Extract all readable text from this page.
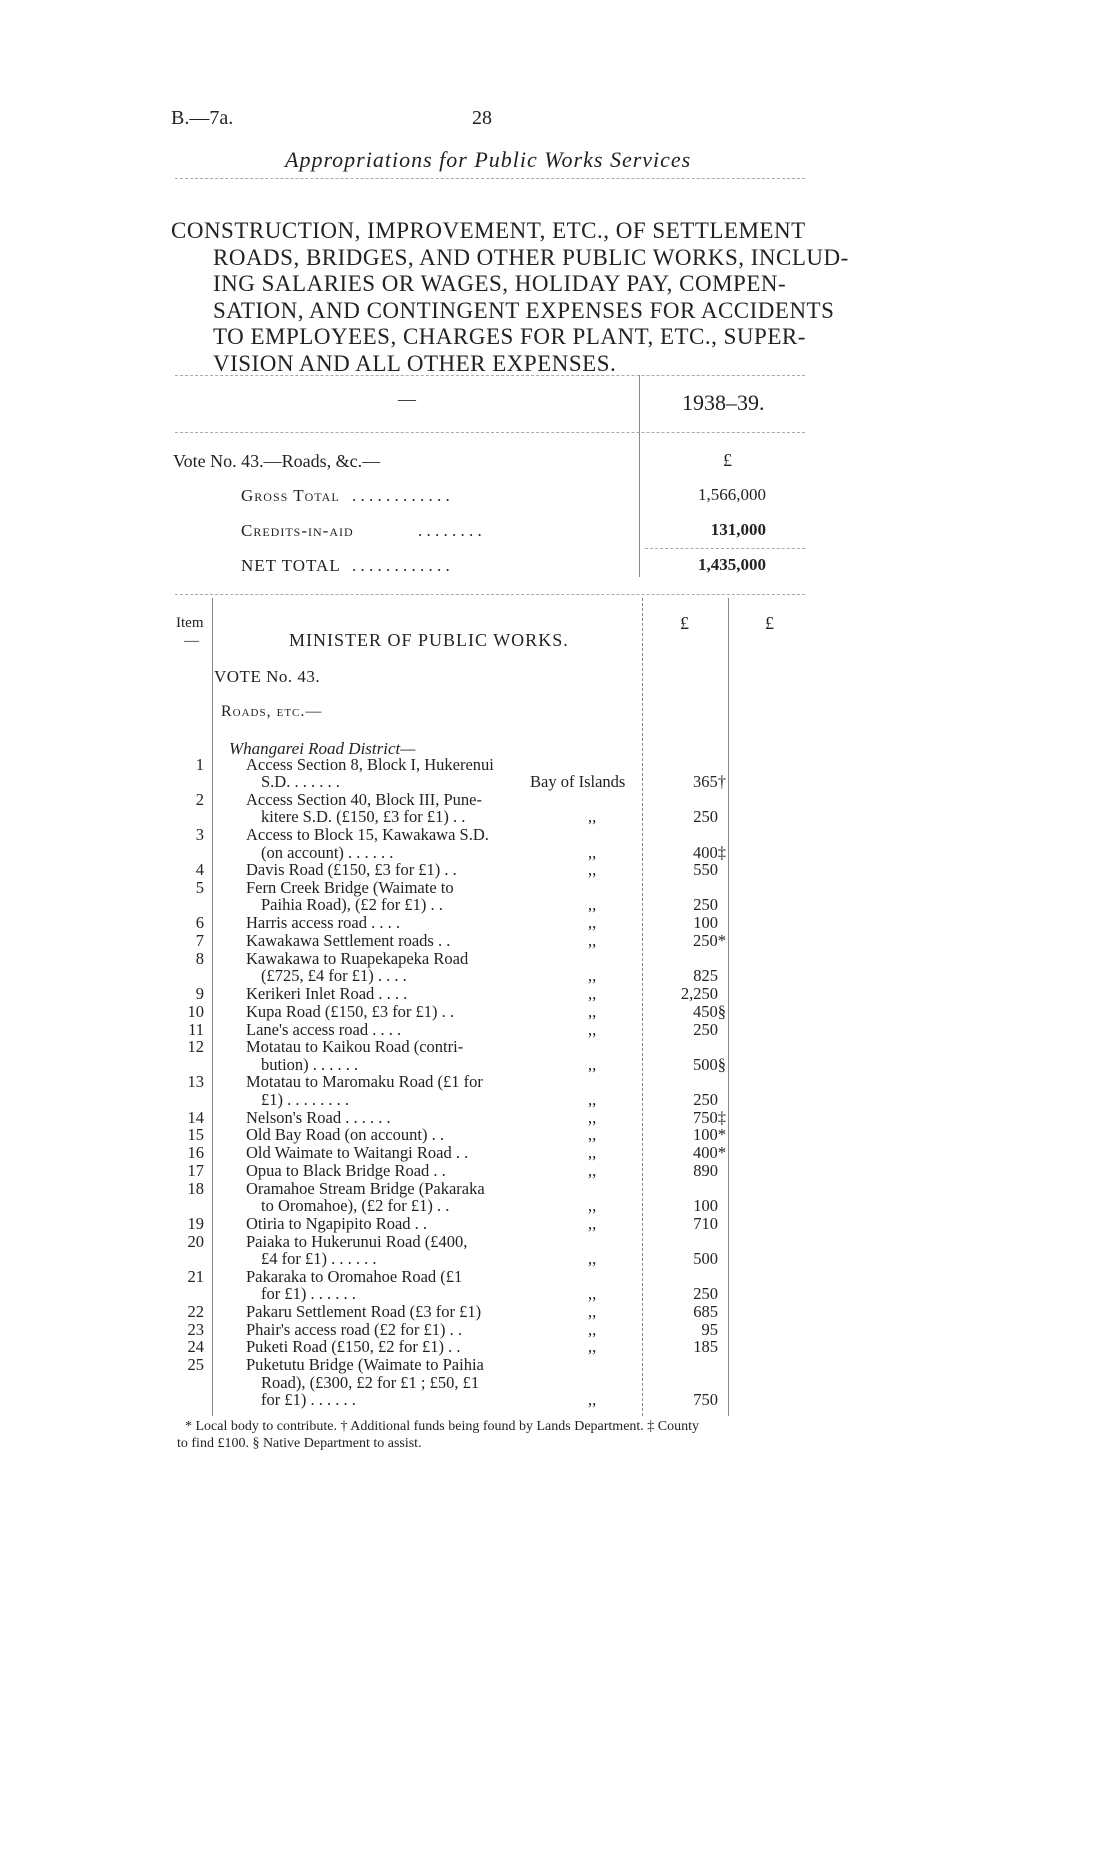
B.—7a.	28
Appropriations for Public Works Services
CONSTRUCTION, IMPROVEMENT, ETC., OF SETTLEMENT
ROADS, BRIDGES, AND OTHER PUBLIC WORKS, INCLUD-
ING SALARIES OR WAGES, HOLIDAY PAY, COMPEN-
SATION, AND CONTINGENT EXPENSES FOR ACCIDENTS
TO EMPLOYEES, CHARGES FOR PLANT, ETC., SUPER-
VISION AND ALL OTHER EXPENSES.
—	1938–39.
Vote No. 43.—Roads, &c.—	£
Gross Total . . . . . . . . . . . .	1,566,000
Credits-in-aid	. . . . . . . .	131,000
NET TOTAL . . . . . . . . . . . .	1,435,000
Item
—
£	£
MINISTER OF PUBLIC WORKS.
VOTE No. 43.
Roads, etc.—
Whangarei Road District—
1	Access Section 8, Block I, Hukerenui
S.D. . . . . . .	Bay of Islands	365†
2	Access Section 40, Block III, Pune-
kitere S.D. (£150, £3 for £1) . .	,,	250
3	Access to Block 15, Kawakawa S.D.
(on account) . . . . . .	,,	400‡
4	Davis Road (£150, £3 for £1) . .	,,	550
5	Fern Creek Bridge (Waimate to
Paihia Road), (£2 for £1) . .	,,	250
6	Harris access road . . . .	,,	100
7	Kawakawa Settlement roads . .	,,	250*
8	Kawakawa to Ruapekapeka Road
(£725, £4 for £1) . . . .	,,	825
9	Kerikeri Inlet Road . . . .	,,	2,250
10	Kupa Road (£150, £3 for £1) . .	,,	450§
11	Lane's access road . . . .	,,	250
12	Motatau to Kaikou Road (contri-
bution) . . . . . .	,,	500§
13	Motatau to Maromaku Road (£1 for
£1) . . . . . . . .	,,	250
14	Nelson's Road . . . . . .	,,	750‡
15	Old Bay Road (on account) . .	,,	100*
16	Old Waimate to Waitangi Road . .	,,	400*
17	Opua to Black Bridge Road . .	,,	890
18	Oramahoe Stream Bridge (Pakaraka
to Oromahoe), (£2 for £1) . .	,,	100
19	Otiria to Ngapipito Road . .	,,	710
20	Paiaka to Hukerunui Road (£400,
£4 for £1) . . . . . .	,,	500
21	Pakaraka to Oromahoe Road (£1
for £1) . . . . . .	,,	250
22	Pakaru Settlement Road (£3 for £1)	,,	685
23	Phair's access road (£2 for £1) . .	,,	95
24	Puketi Road (£150, £2 for £1) . .	,,	185
25	Puketutu Bridge (Waimate to Paihia
Road), (£300, £2 for £1 ; £50, £1
for £1) . . . . . .	,,	750
* Local body to contribute. † Additional funds being found by Lands Department. ‡ County
to find £100. § Native Department to assist.
